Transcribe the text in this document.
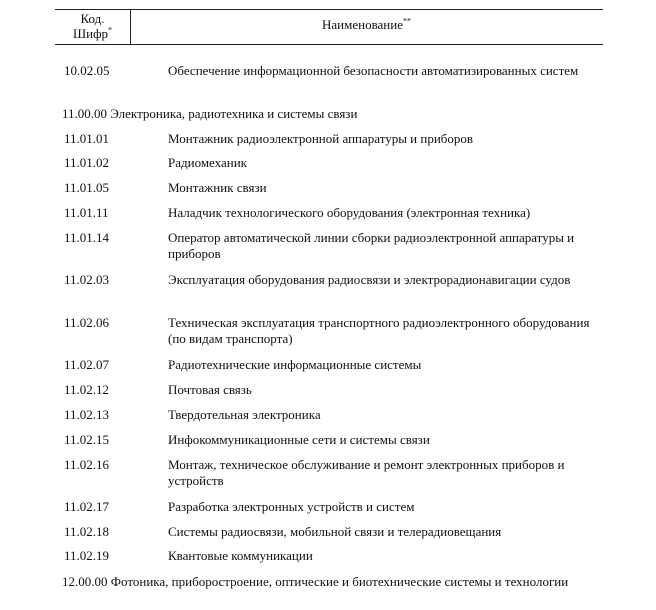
Код.
Шифр*	Наименование**
10.02.05	Обеспечение информационной безопасности автоматизированных систем
11.00.00 Электроника, радиотехника и системы связи
11.01.01	Монтажник радиоэлектронной аппаратуры и приборов
11.01.02	Радиомеханик
11.01.05	Монтажник связи
11.01.11	Наладчик технологического оборудования (электронная техника)
11.01.14	Оператор автоматической линии сборки радиоэлектронной аппаратуры и приборов
11.02.03	Эксплуатация оборудования радиосвязи и электрорадионавигации судов
11.02.06	Техническая эксплуатация транспортного радиоэлектронного оборудования (по видам транспорта)
11.02.07	Радиотехнические информационные системы
11.02.12	Почтовая связь
11.02.13	Твердотельная электроника
11.02.15	Инфокоммуникационные сети и системы связи
11.02.16	Монтаж, техническое обслуживание и ремонт электронных приборов и устройств
11.02.17	Разработка электронных устройств и систем
11.02.18	Системы радиосвязи, мобильной связи и телерадиовещания
11.02.19	Квантовые коммуникации
12.00.00 Фотоника, приборостроение, оптические и биотехнические системы и технологии
